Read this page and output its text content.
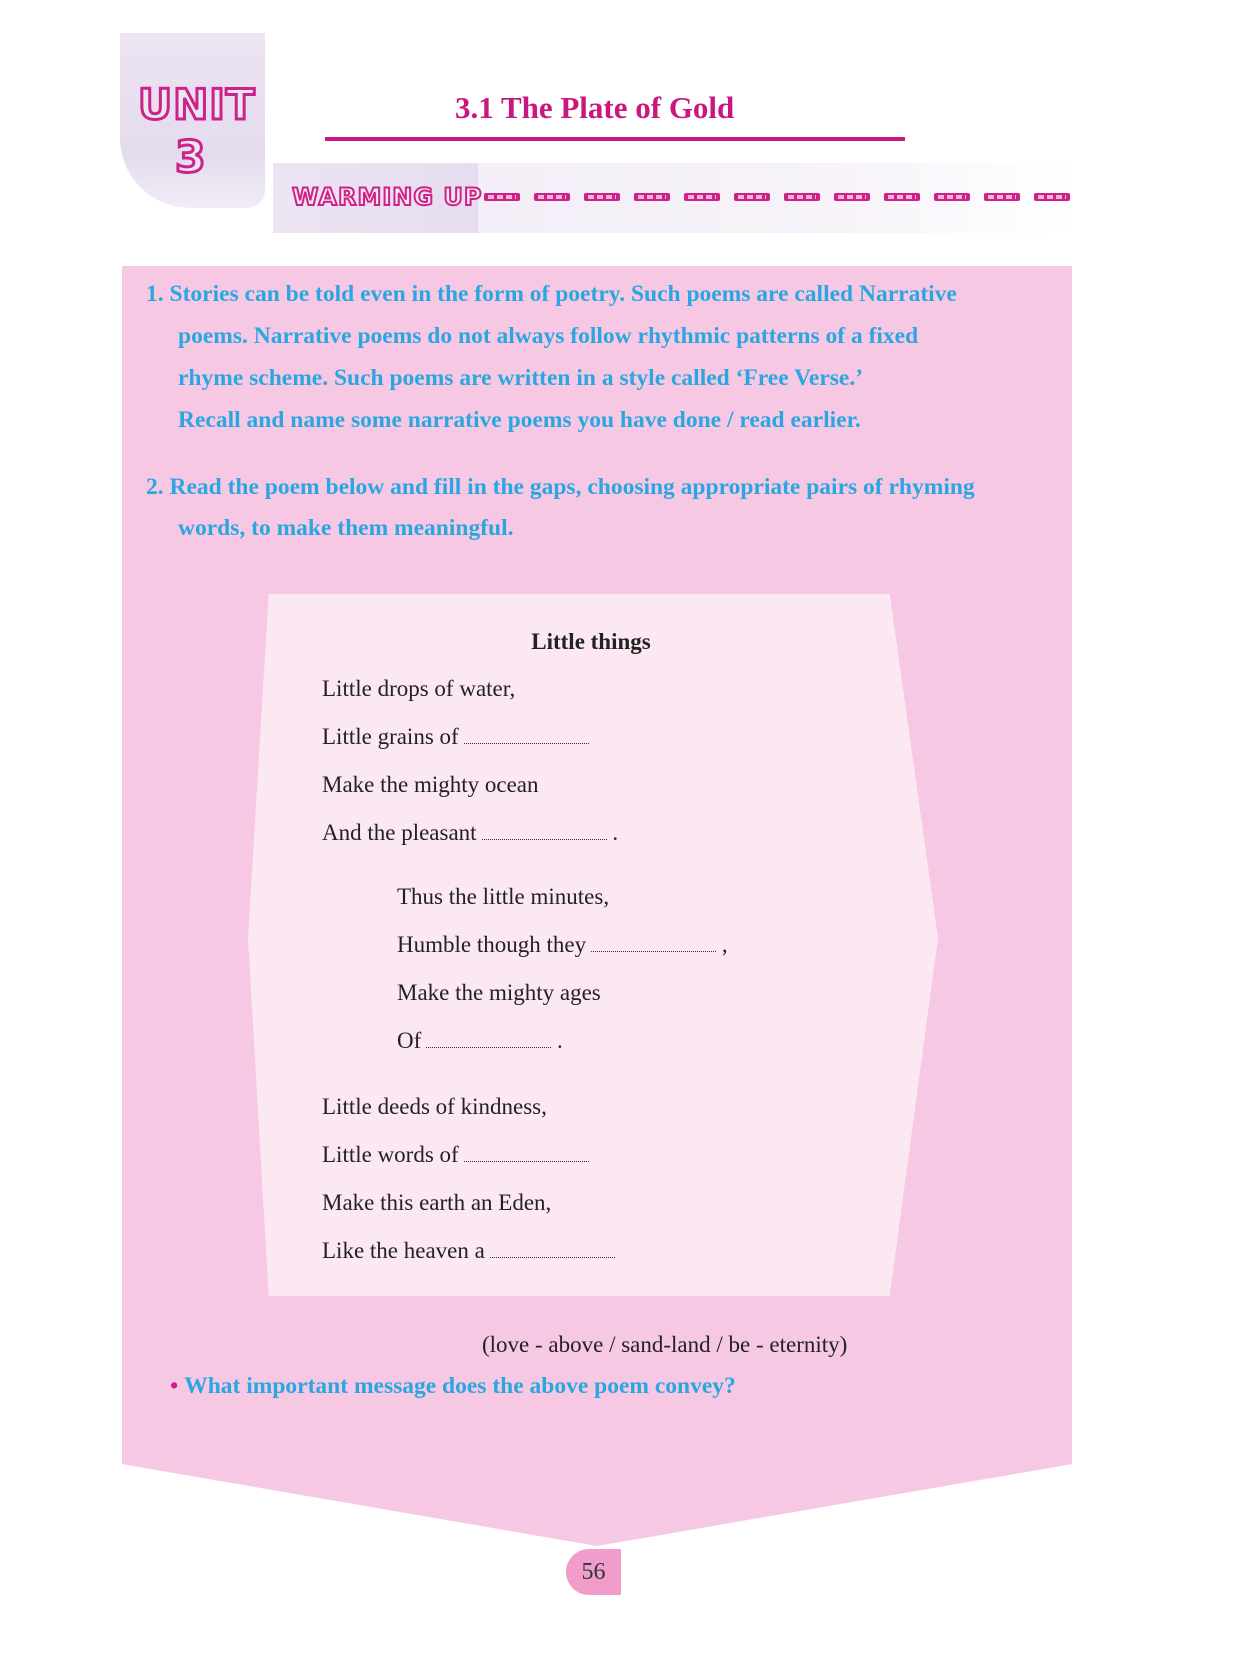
UNIT
3
3.1 The Plate of Gold
WARMING UP
1. Stories can be told even in the form of poetry. Such poems are called Narrative
poems. Narrative poems do not always follow rhythmic patterns of a fixed
rhyme scheme. Such poems are written in a style called ‘Free Verse.’
Recall and name some narrative poems you have done / read earlier.
2. Read the poem below and fill in the gaps, choosing appropriate pairs of rhyming
words, to make them meaningful.
Little things
Little drops of water,
Little grains of
Make the mighty ocean
And the pleasant	.
Thus the little minutes,
Humble though they	,
Make the mighty ages
Of	.
Little deeds of kindness,
Little words of
Make this earth an Eden,
Like the heaven a
(love - above / sand-land / be - eternity)
• What important message does the above poem convey?
56
